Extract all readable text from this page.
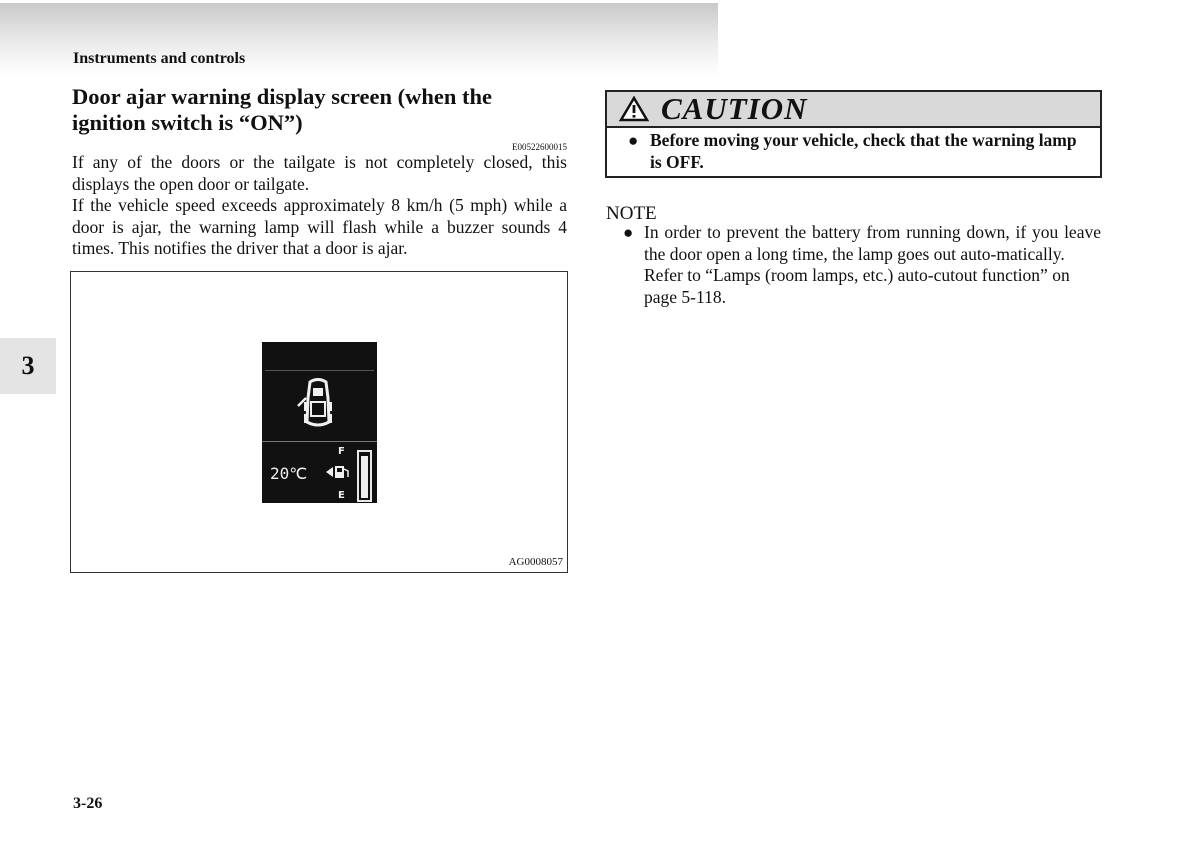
Instruments and controls
3
Door ajar warning display screen (when the ignition switch is “ON”)
E00522600015

If any of the doors or the tailgate is not completely closed, this displays the open door or tailgate.

If the vehicle speed exceeds approximately 8 km/h (5 mph) while a door is ajar, the warning lamp will flash while a buzzer sounds 4 times. This notifies the driver that a door is ajar.

20℃
F
E
AG0008057
CAUTION
● Before moving your vehicle, check that the warning lamp is OFF.
NOTE
● In order to prevent the battery from running down, if you leave the door open a long time, the lamp goes out auto-matically.
Refer to “Lamps (room lamps, etc.) auto-cutout function” on page 5-118.
3-26
